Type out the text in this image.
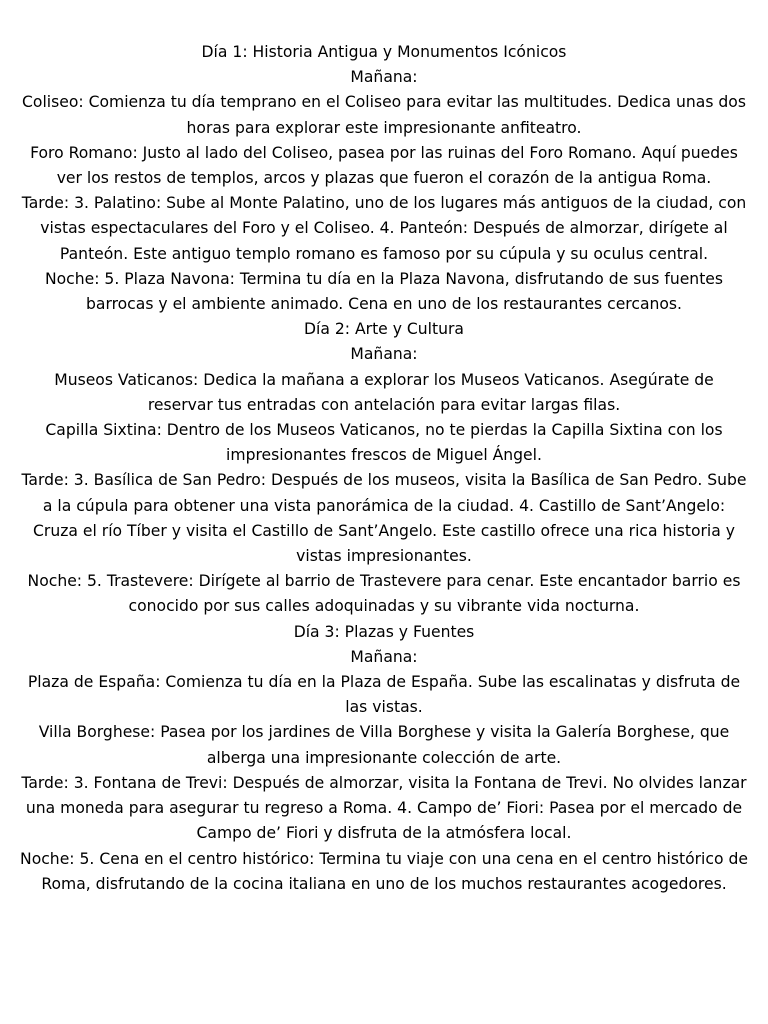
Día 1: Historia Antigua y Monumentos Icónicos

Mañana:

Coliseo: Comienza tu día temprano en el Coliseo para evitar las multitudes. Dedica unas dos horas para explorar este impresionante anfiteatro.

Foro Romano: Justo al lado del Coliseo, pasea por las ruinas del Foro Romano. Aquí puedes ver los restos de templos, arcos y plazas que fueron el corazón de la antigua Roma.

Tarde: 3. Palatino: Sube al Monte Palatino, uno de los lugares más antiguos de la ciudad, con vistas espectaculares del Foro y el Coliseo. 4. Panteón: Después de almorzar, dirígete al Panteón. Este antiguo templo romano es famoso por su cúpula y su oculus central.

Noche: 5. Plaza Navona: Termina tu día en la Plaza Navona, disfrutando de sus fuentes barrocas y el ambiente animado. Cena en uno de los restaurantes cercanos.

Día 2: Arte y Cultura

Mañana:

Museos Vaticanos: Dedica la mañana a explorar los Museos Vaticanos. Asegúrate de reservar tus entradas con antelación para evitar largas filas.

Capilla Sixtina: Dentro de los Museos Vaticanos, no te pierdas la Capilla Sixtina con los impresionantes frescos de Miguel Ángel.

Tarde: 3. Basílica de San Pedro: Después de los museos, visita la Basílica de San Pedro. Sube a la cúpula para obtener una vista panorámica de la ciudad. 4. Castillo de Sant’Angelo: Cruza el río Tíber y visita el Castillo de Sant’Angelo. Este castillo ofrece una rica historia y vistas impresionantes.

Noche: 5. Trastevere: Dirígete al barrio de Trastevere para cenar. Este encantador barrio es conocido por sus calles adoquinadas y su vibrante vida nocturna.

Día 3: Plazas y Fuentes

Mañana:

Plaza de España: Comienza tu día en la Plaza de España. Sube las escalinatas y disfruta de las vistas.

Villa Borghese: Pasea por los jardines de Villa Borghese y visita la Galería Borghese, que alberga una impresionante colección de arte.

Tarde: 3. Fontana de Trevi: Después de almorzar, visita la Fontana de Trevi. No olvides lanzar una moneda para asegurar tu regreso a Roma. 4. Campo de’ Fiori: Pasea por el mercado de Campo de’ Fiori y disfruta de la atmósfera local.

Noche: 5. Cena en el centro histórico: Termina tu viaje con una cena en el centro histórico de Roma, disfrutando de la cocina italiana en uno de los muchos restaurantes acogedores.
